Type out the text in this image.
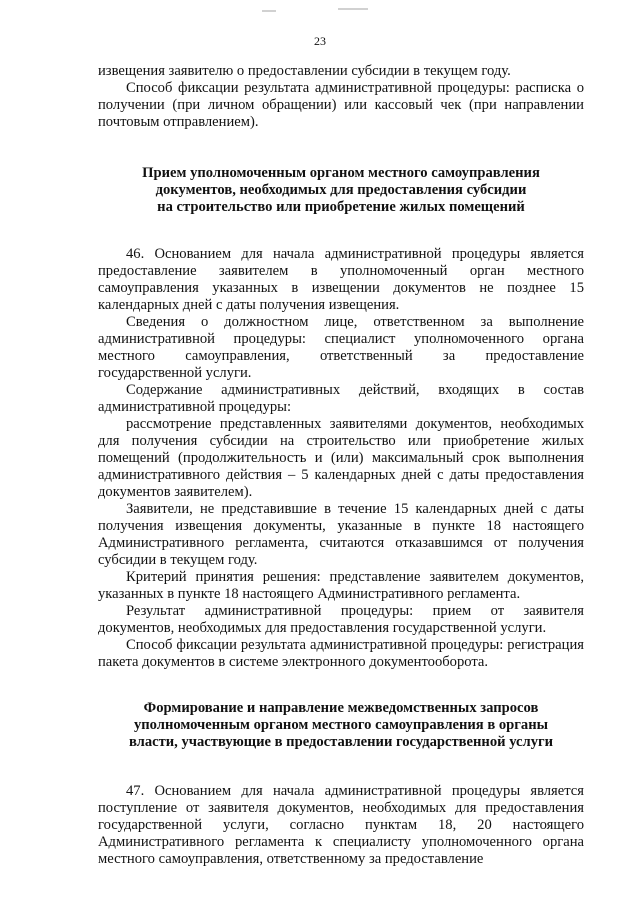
23

извещения заявителю о предоставлении субсидии в текущем году.

Способ фиксации результата административной процедуры: расписка о получении (при личном обращении) или кассовый чек (при направлении почтовым отправлением).

Прием уполномоченным органом местного самоуправления
документов, необходимых для предоставления субсидии
на строительство или приобретение жилых помещений

46. Основанием для начала административной процедуры является предоставление заявителем в уполномоченный орган местного самоуправления указанных в извещении документов не позднее 15 календарных дней с даты получения извещения.

Сведения о должностном лице, ответственном за выполнение административной процедуры: специалист уполномоченного органа местного самоуправления, ответственный за предоставление государственной услуги.

Содержание административных действий, входящих в состав административной процедуры:

рассмотрение представленных заявителями документов, необходимых для получения субсидии на строительство или приобретение жилых помещений (продолжительность и (или) максимальный срок выполнения административного действия – 5 календарных дней с даты предоставления документов заявителем).

Заявители, не представившие в течение 15 календарных дней с даты получения извещения документы, указанные в пункте 18 настоящего Административного регламента, считаются отказавшимся от получения субсидии в текущем году.

Критерий принятия решения: представление заявителем документов, указанных в пункте 18 настоящего Административного регламента.

Результат административной процедуры: прием от заявителя документов, необходимых для предоставления государственной услуги.

Способ фиксации результата административной процедуры: регистрация пакета документов в системе электронного документооборота.

Формирование и направление межведомственных запросов
уполномоченным органом местного самоуправления в органы
власти, участвующие в предоставлении государственной услуги

47. Основанием для начала административной процедуры является поступление от заявителя документов, необходимых для предоставления государственной услуги, согласно пунктам 18, 20 настоящего Административного регламента к специалисту уполномоченного органа местного самоуправления, ответственному за предоставление
